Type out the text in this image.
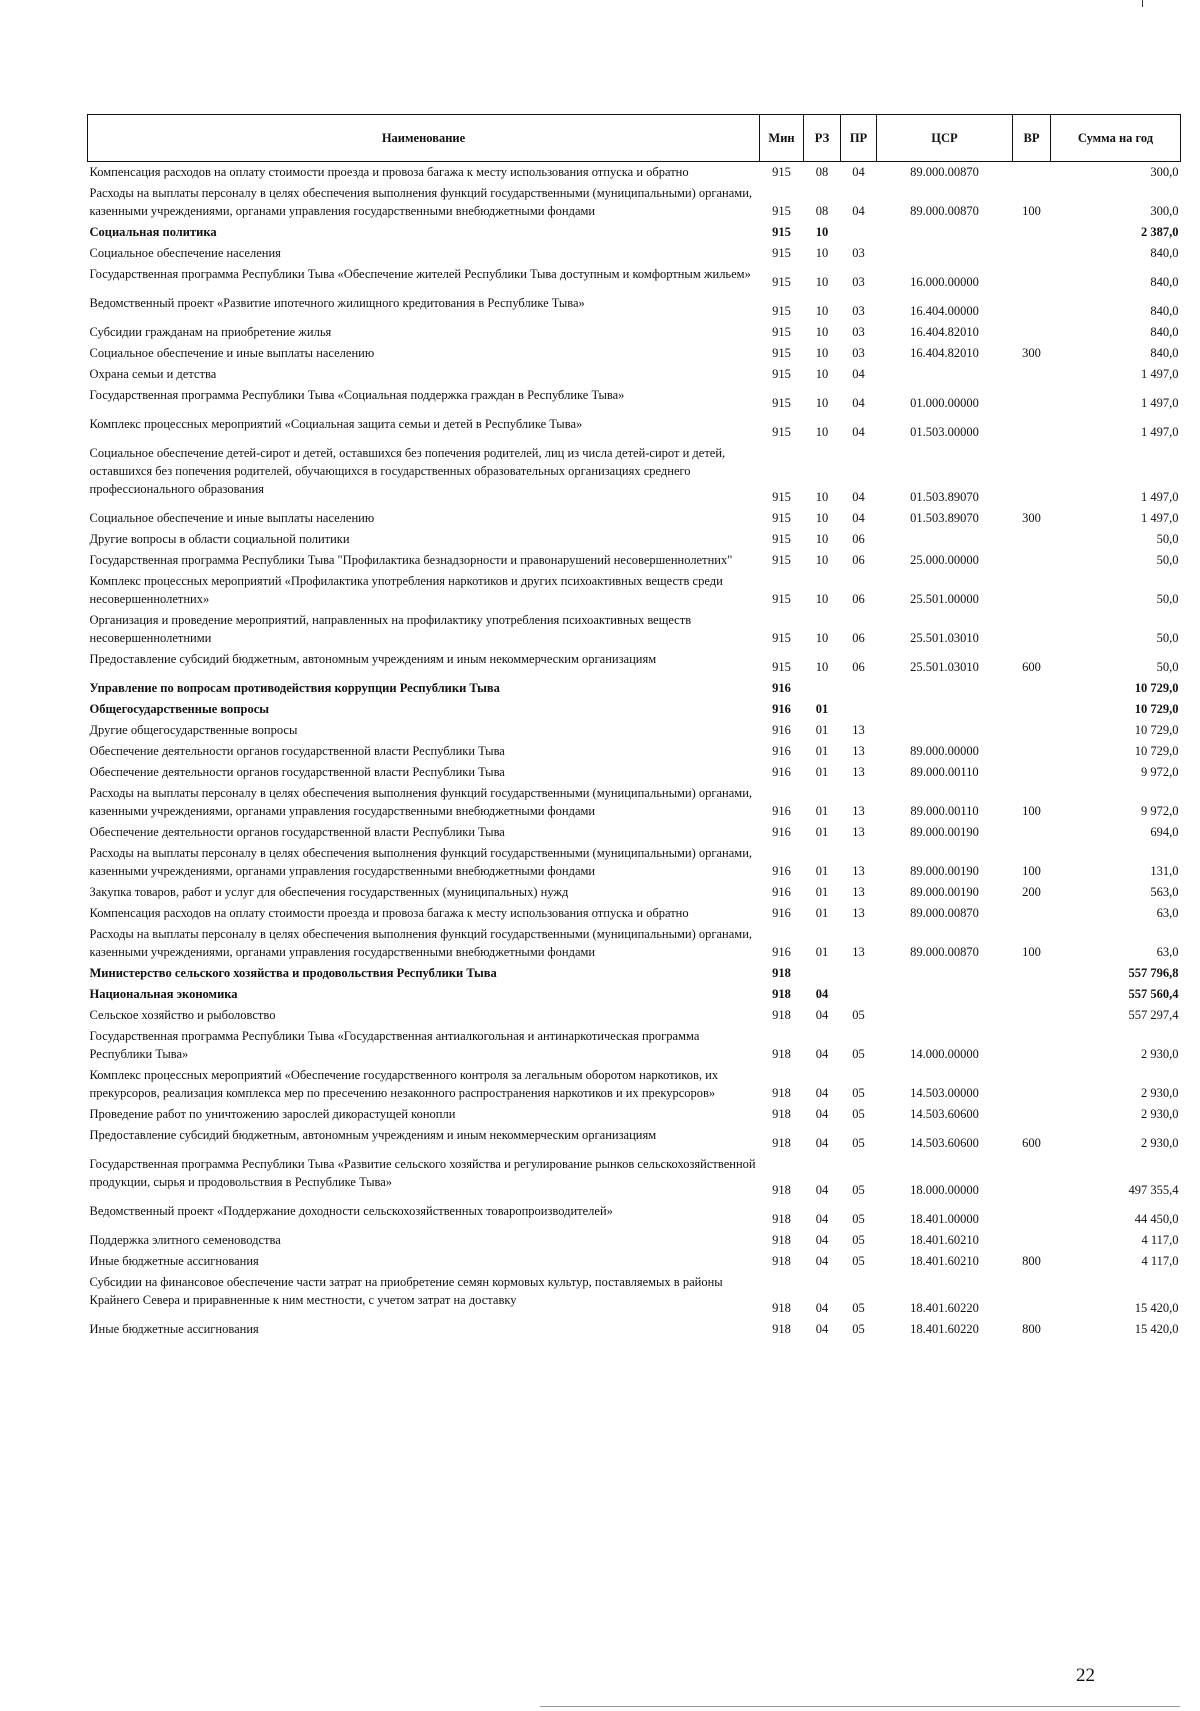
Наименование	Мин	РЗ	ПР	ЦСР	ВР	Сумма на год
Компенсация расходов на оплату стоимости проезда и провоза багажа к месту использования отпуска и обратно	915	08	04	89.000.00870		300,0
Расходы на выплаты персоналу в целях обеспечения выполнения функций государственными (муниципальными) органами, казенными учреждениями, органами управления государственными внебюджетными фондами	915	08	04	89.000.00870	100	300,0
Социальная политика	915	10				2 387,0
Социальное обеспечение населения	915	10	03			840,0
Государственная программа Республики Тыва «Обеспечение жителей Республики Тыва доступным и комфортным жильем»	915	10	03	16.000.00000		840,0
Ведомственный проект «Развитие ипотечного жилищного кредитования в Республике Тыва»	915	10	03	16.404.00000		840,0
Субсидии гражданам на приобретение жилья	915	10	03	16.404.82010		840,0
Социальное обеспечение и иные выплаты населению	915	10	03	16.404.82010	300	840,0
Охрана семьи и детства	915	10	04			1 497,0
Государственная программа Республики Тыва «Социальная поддержка граждан в Республике Тыва»	915	10	04	01.000.00000		1 497,0
Комплекс процессных мероприятий «Социальная защита семьи и детей в Республике Тыва»	915	10	04	01.503.00000		1 497,0
Социальное обеспечение детей-сирот и детей, оставшихся без попечения родителей, лиц из числа детей-сирот и детей, оставшихся без попечения родителей, обучающихся в государственных образовательных организациях среднего профессионального образования	915	10	04	01.503.89070		1 497,0
Социальное обеспечение и иные выплаты населению	915	10	04	01.503.89070	300	1 497,0
Другие вопросы в области социальной политики	915	10	06			50,0
Государственная программа Республики Тыва "Профилактика безнадзорности и правонарушений несовершеннолетних"	915	10	06	25.000.00000		50,0
Комплекс процессных мероприятий «Профилактика употребления наркотиков и других психоактивных веществ среди несовершеннолетних»	915	10	06	25.501.00000		50,0
Организация и проведение мероприятий, направленных на профилактику употребления психоактивных веществ несовершеннолетними	915	10	06	25.501.03010		50,0
Предоставление субсидий бюджетным, автономным учреждениям и иным некоммерческим организациям	915	10	06	25.501.03010	600	50,0
Управление по вопросам противодействия коррупции Республики Тыва	916					10 729,0
Общегосударственные вопросы	916	01				10 729,0
Другие общегосударственные вопросы	916	01	13			10 729,0
Обеспечение деятельности органов государственной власти Республики Тыва	916	01	13	89.000.00000		10 729,0
Обеспечение деятельности органов государственной власти Республики Тыва	916	01	13	89.000.00110		9 972,0
Расходы на выплаты персоналу в целях обеспечения выполнения функций государственными (муниципальными) органами, казенными учреждениями, органами управления государственными внебюджетными фондами	916	01	13	89.000.00110	100	9 972,0
Обеспечение деятельности органов государственной власти Республики Тыва	916	01	13	89.000.00190		694,0
Расходы на выплаты персоналу в целях обеспечения выполнения функций государственными (муниципальными) органами, казенными учреждениями, органами управления государственными внебюджетными фондами	916	01	13	89.000.00190	100	131,0
Закупка товаров, работ и услуг для обеспечения государственных (муниципальных) нужд	916	01	13	89.000.00190	200	563,0
Компенсация расходов на оплату стоимости проезда и провоза багажа к месту использования отпуска и обратно	916	01	13	89.000.00870		63,0
Расходы на выплаты персоналу в целях обеспечения выполнения функций государственными (муниципальными) органами, казенными учреждениями, органами управления государственными внебюджетными фондами	916	01	13	89.000.00870	100	63,0
Министерство сельского хозяйства и продовольствия Республики Тыва	918					557 796,8
Национальная экономика	918	04				557 560,4
Сельское хозяйство и рыболовство	918	04	05			557 297,4
Государственная программа Республики Тыва «Государственная антиалкогольная и антинаркотическая программа Республики Тыва»	918	04	05	14.000.00000		2 930,0
Комплекс процессных мероприятий «Обеспечение государственного контроля за легальным оборотом наркотиков, их прекурсоров, реализация комплекса мер по пресечению незаконного распространения наркотиков и их прекурсоров»	918	04	05	14.503.00000		2 930,0
Проведение работ по уничтожению зарослей дикорастущей конопли	918	04	05	14.503.60600		2 930,0
Предоставление субсидий бюджетным, автономным учреждениям и иным некоммерческим организациям	918	04	05	14.503.60600	600	2 930,0
Государственная программа Республики Тыва «Развитие сельского хозяйства и регулирование рынков сельскохозяйственной продукции, сырья и продовольствия в Республике Тыва»	918	04	05	18.000.00000		497 355,4
Ведомственный проект «Поддержание доходности сельскохозяйственных товаропроизводителей»	918	04	05	18.401.00000		44 450,0
Поддержка элитного семеноводства	918	04	05	18.401.60210		4 117,0
Иные бюджетные ассигнования	918	04	05	18.401.60210	800	4 117,0
Субсидии на финансовое обеспечение части затрат на приобретение семян кормовых культур, поставляемых в районы Крайнего Севера и приравненные к ним местности, с учетом затрат на доставку	918	04	05	18.401.60220		15 420,0
Иные бюджетные ассигнования	918	04	05	18.401.60220	800	15 420,0
22
